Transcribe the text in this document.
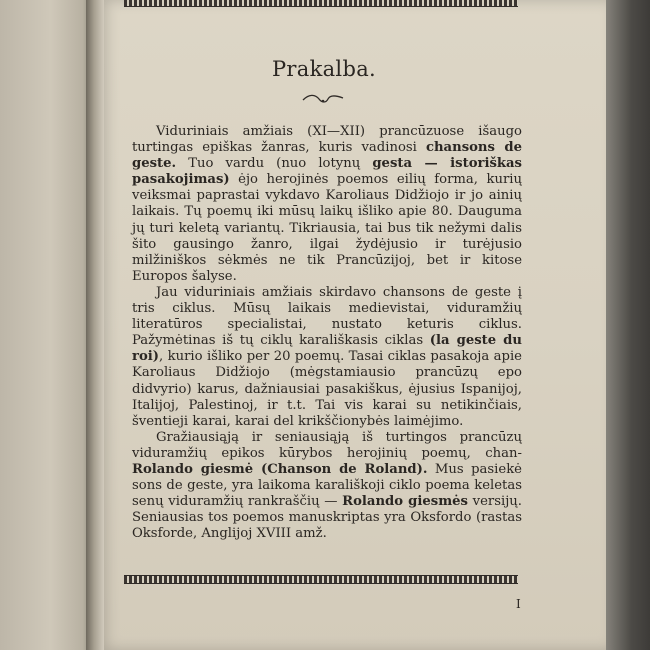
Prakalba.

Viduriniais amžiais (XI—XII) prancūzuose išaugo turtingas epiškas žanras, kuris vadinosi chansons de geste. Tuo vardu (nuo lotynų gesta — istoriškas pasakojimas) ėjo herojinės poemos eilių forma, kurių veiksmai paprastai vykdavo Karoliaus Didžiojo ir jo ainių laikais. Tų poemų iki mūsų laikų išliko apie 80. Dauguma jų turi keletą variantų. Tikriausia, tai bus tik nežymi dalis šito gausingo žanro, ilgai žydėjusio ir turėjusio milžiniškos sėkmės ne tik Prancūzijoj, bet ir kitose Europos šalyse.

Jau viduriniais amžiais skirdavo chansons de geste į tris ciklus. Mūsų laikais medievistai, viduramžių literatūros specialistai, nustato keturis ciklus. Pažymėtinas iš tų ciklų karališkasis ciklas (la geste du roi), kurio išliko per 20 poemų. Tasai ciklas pasakoja apie Karoliaus Didžiojo (mėgstamiausio prancūzų epo didvyrio) karus, dažniausiai pasakiškus, ėjusius Ispanijoj, Italijoj, Palestinoj, ir t.t. Tai vis karai su netikinčiais, šventieji karai, karai del krikščionybės laimėjimo.

Gražiausiąją ir seniausiąją iš turtingos prancūzų viduramžių epikos kūrybos herojinių poemų, chanRolando giesmė (Chanson de Roland). Mus pasiekė sons de geste, yra laikoma karališkoji ciklo poema keletas senų viduramžių rankraščių — Rolando giesmės versijų. Seniausias tos poemos manuskriptas yra Oksfordo (rastas Oksforde, Anglijoj XVIII amž.

I
